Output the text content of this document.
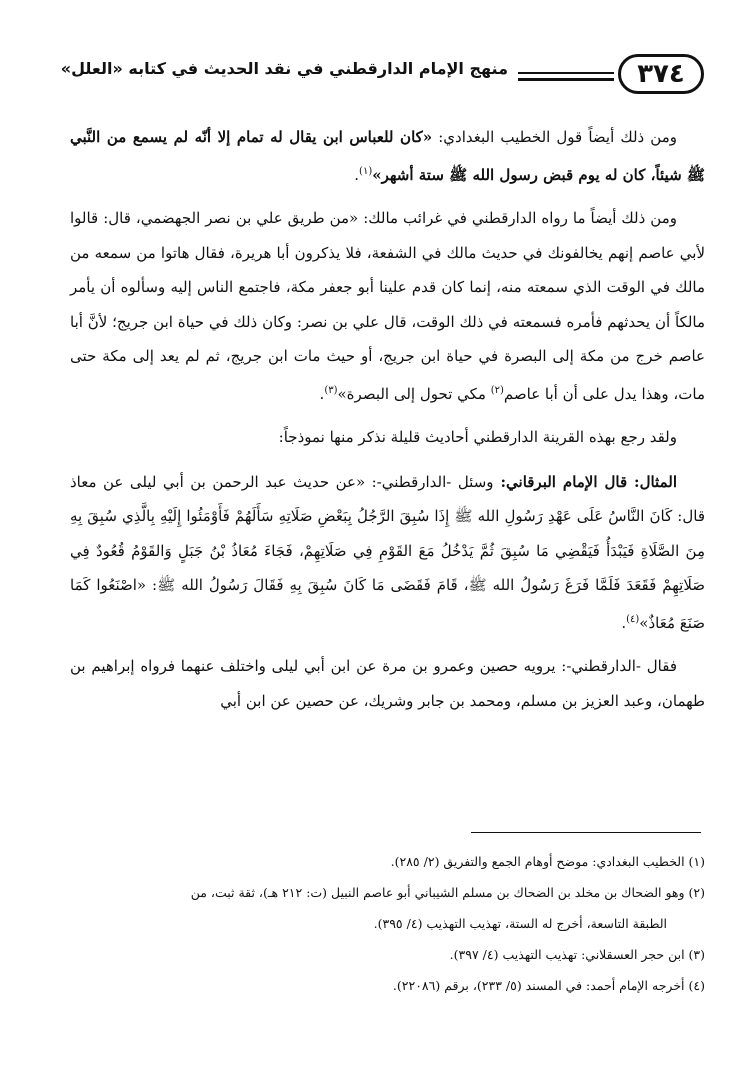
٣٧٤
منهج الإمام الدارقطني في نقد الحديث في كتابه «العلل»

ومن ذلك أيضاً قول الخطيب البغدادي: «كان للعباس ابن يقال له تمام إلا أنّه لم يسمع من النَّبي ﷺ شيئاً، كان له يوم قبض رسول الله ﷺ ستة أشهر»$^{(١)}$.

ومن ذلك أيضاً ما رواه الدارقطني في غرائب مالك: «من طريق علي بن نصر الجهضمي، قال: قالوا لأبي عاصم إنهم يخالفونك في حديث مالك في الشفعة، فلا يذكرون أبا هريرة، فقال هاتوا من سمعه من مالك في الوقت الذي سمعته منه، إنما كان قدم علينا أبو جعفر مكة، فاجتمع الناس إليه وسألوه أن يأمر مالكاً أن يحدثهم فأمره فسمعته في ذلك الوقت، قال علي بن نصر: وكان ذلك في حياة ابن جريج؛ لأنَّ أبا عاصم خرج من مكة إلى البصرة في حياة ابن جريج، أو حيث مات ابن جريج، ثم لم يعد إلى مكة حتى مات، وهذا يدل على أن أبا عاصم$^{(٢)}$ مكي تحول إلى البصرة»$^{(٣)}$.

ولقد رجع بهذه القرينة الدارقطني أحاديث قليلة نذكر منها نموذجاً:

المثال: قال الإمام البرقاني: وسئل -الدارقطني-: «عن حديث عبد الرحمن بن أبي ليلى عن معاذ قال: كَانَ النَّاسُ عَلَى عَهْدِ رَسُولِ الله ﷺ إِذَا سُبِقَ الرَّجُلُ بِبَعْضِ صَلَاتِهِ سَأَلَهُمْ فَأَوْمَئُوا إِلَيْهِ بِالَّذِي سُبِقَ بِهِ مِنَ الصَّلَاةِ فَيَبْدَأُ فَيَقْضِي مَا سُبِقَ ثُمَّ يَدْخُلُ مَعَ القَوْمِ فِي صَلَاتِهِمْ، فَجَاءَ مُعَاذُ بْنُ جَبَلٍ وَالقَوْمُ قُعُودٌ فِي صَلَاتِهِمْ فَقَعَدَ فَلَمَّا فَرَغَ رَسُولُ الله ﷺ، قَامَ فَقَضَى مَا كَانَ سُبِقَ بِهِ فَقَالَ رَسُولُ الله ﷺ: «اصْنَعُوا كَمَا صَنَعَ مُعَاذٌ»$^{(٤)}$.

فقال -الدارقطني-: يرويه حصين وعمرو بن مرة عن ابن أبي ليلى واختلف عنهما فرواه إبراهيم بن طهمان، وعبد العزيز بن مسلم، ومحمد بن جابر وشريك، عن حصين عن ابن أبي

(١) الخطيب البغدادي: موضح أوهام الجمع والتفريق (٢/ ٢٨٥).

(٢) وهو الضحاك بن مخلد بن الضحاك بن مسلم الشيباني أبو عاصم النبيل (ت: ٢١٢ هـ)، ثقة ثبت، من

الطبقة التاسعة، أخرج له الستة، تهذيب التهذيب (٤/ ٣٩٥).

(٣) ابن حجر العسقلاني: تهذيب التهذيب (٤/ ٣٩٧).

(٤) أخرجه الإمام أحمد: في المسند (٥/ ٢٣٣)، برقم (٢٢٠٨٦).
